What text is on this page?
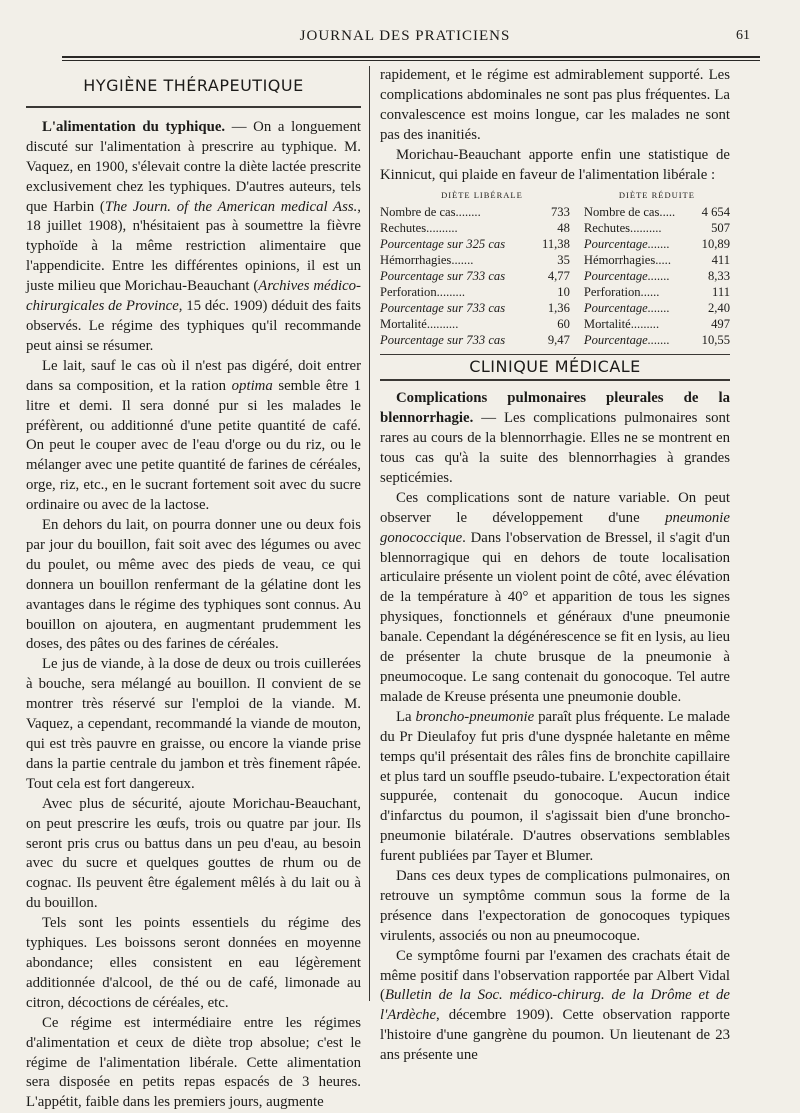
JOURNAL DES PRATICIENS	61
HYGIÈNE THÉRAPEUTIQUE

L'alimentation du typhique. — On a longuement discuté sur l'alimentation à prescrire au typhique. M. Vaquez, en 1900, s'élevait contre la diète lactée prescrite exclusivement chez les typhiques. D'autres auteurs, tels que Harbin (The Journ. of the American medical Ass., 18 juillet 1908), n'hésitaient pas à soumettre la fièvre typhoïde à la même restriction alimentaire que l'appendicite. Entre les différentes opinions, il est un juste milieu que Morichau-Beauchant (Archives médico-chirurgicales de Province, 15 déc. 1909) déduit des faits observés. Le régime des typhiques qu'il recommande peut ainsi se résumer.

Le lait, sauf le cas où il n'est pas digéré, doit entrer dans sa composition, et la ration optima semble être 1 litre et demi. Il sera donné pur si les malades le préfèrent, ou additionné d'une petite quantité de café. On peut le couper avec de l'eau d'orge ou du riz, ou le mélanger avec une petite quantité de farines de céréales, orge, riz, etc., en le sucrant fortement soit avec du sucre ordinaire ou avec de la lactose.

En dehors du lait, on pourra donner une ou deux fois par jour du bouillon, fait soit avec des légumes ou avec du poulet, ou même avec des pieds de veau, ce qui donnera un bouillon renfermant de la gélatine dont les avantages dans le régime des typhiques sont connus. Au bouillon on ajoutera, en augmentant prudemment les doses, des pâtes ou des farines de céréales.

Le jus de viande, à la dose de deux ou trois cuillerées à bouche, sera mélangé au bouillon. Il convient de se montrer très réservé sur l'emploi de la viande. M. Vaquez, a cependant, recommandé la viande de mouton, qui est très pauvre en graisse, ou encore la viande prise dans la partie centrale du jambon et très finement râpée. Tout cela est fort dangereux.

Avec plus de sécurité, ajoute Morichau-Beauchant, on peut prescrire les œufs, trois ou quatre par jour. Ils seront pris crus ou battus dans un peu d'eau, au besoin avec du sucre et quelques gouttes de rhum ou de cognac. Ils peuvent être également mêlés à du lait ou à du bouillon.

Tels sont les points essentiels du régime des typhiques. Les boissons seront données en moyenne abondance; elles consistent en eau légèrement additionnée d'alcool, de thé ou de café, limonade au citron, décoctions de céréales, etc.

Ce régime est intermédiaire entre les régimes d'alimentation et ceux de diète trop absolue; c'est le régime de l'alimentation libérale. Cette alimentation sera disposée en petits repas espacés de 3 heures. L'appétit, faible dans les premiers jours, augmente

rapidement, et le régime est admirablement supporté. Les complications abdominales ne sont pas plus fréquentes. La convalescence est moins longue, car les malades ne sont pas des inanitiés.

Morichau-Beauchant apporte enfin une statistique de Kinnicut, qui plaide en faveur de l'alimentation libérale :

DIÈTE LIBÉRALE		DIÈTE RÉDUITE	
Nombre de cas........	733	Nombre de cas.....	4 654
Rechutes..........	48	Rechutes..........	507
Pourcentage sur 325 cas	11,38	Pourcentage.......	10,89
Hémorrhagies.......	35	Hémorrhagies.....	411
Pourcentage sur 733 cas	4,77	Pourcentage.......	8,33
Perforation.........	10	Perforation......	111
Pourcentage sur 733 cas	1,36	Pourcentage.......	2,40
Mortalité..........	60	Mortalité.........	497
Pourcentage sur 733 cas	9,47	Pourcentage.......	10,55
CLINIQUE MÉDICALE

Complications pulmonaires pleurales de la blennorrhagie. — Les complications pulmonaires sont rares au cours de la blennorrhagie. Elles ne se montrent en tous cas qu'à la suite des blennorrhagies à grandes septicémies.

Ces complications sont de nature variable. On peut observer le développement d'une pneumonie gonococcique. Dans l'observation de Bressel, il s'agit d'un blennorragique qui en dehors de toute localisation articulaire présente un violent point de côté, avec élévation de la température à 40° et apparition de tous les signes physiques, fonctionnels et généraux d'une pneumonie banale. Cependant la dégénérescence se fit en lysis, au lieu de présenter la chute brusque de la pneumonie à pneumocoque. Le sang contenait du gonocoque. Tel autre malade de Kreuse présenta une pneumonie double.

La broncho-pneumonie paraît plus fréquente. Le malade du Pr Dieulafoy fut pris d'une dyspnée haletante en même temps qu'il présentait des râles fins de bronchite capillaire et plus tard un souffle pseudo-tubaire. L'expectoration était suppurée, contenait du gonocoque. Aucun indice d'infarctus du poumon, il s'agissait bien d'une broncho-pneumonie bilatérale. D'autres observations semblables furent publiées par Tayer et Blumer.

Dans ces deux types de complications pulmonaires, on retrouve un symptôme commun sous la forme de la présence dans l'expectoration de gonocoques typiques virulents, associés ou non au pneumocoque.

Ce symptôme fourni par l'examen des crachats était de même positif dans l'observation rapportée par Albert Vidal (Bulletin de la Soc. médico-chirurg. de la Drôme et de l'Ardèche, décembre 1909). Cette observation rapporte l'histoire d'une gangrène du poumon. Un lieutenant de 23 ans présente une
